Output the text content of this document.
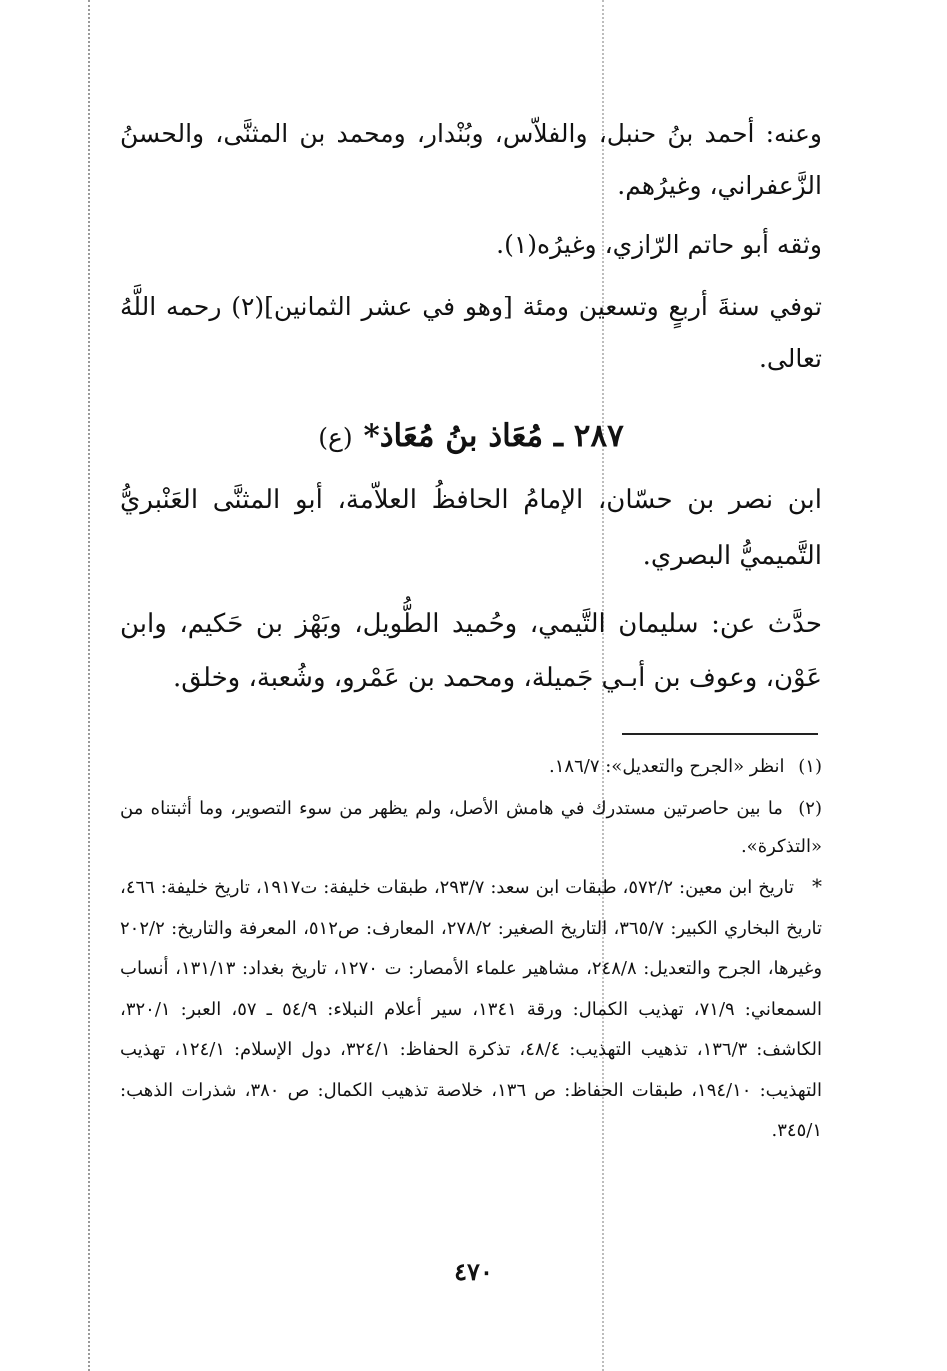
وعنه: أحمد بنُ حنبل، والفلاّس، وبُنْدار، ومحمد بن المثنَّى، والحسنُ الزَّعفراني، وغيرُهم.

وثقه أبو حاتم الرّازي، وغيرُه(١).

توفي سنةَ أربعٍ وتسعين ومئة [وهو في عشر الثمانين](٢) رحمه اللَّهُ تعالى.

٢٨٧ ـ مُعَاذ بنُ مُعَاذ* (ع)

ابن نصر بن حسّان، الإمامُ الحافظُ العلاّمة، أبو المثنَّى العَنْبريُّ التَّميميُّ البصري.

حدَّث عن: سليمان التَّيمي، وحُميد الطُّويل، وبَهْز بن حَكيم، وابن عَوْن، وعوف بن أبـي جَميلة، ومحمد بن عَمْرو، وشُعبة، وخلق.

(١) انظر «الجرح والتعديل»: ١٨٦/٧.

(٢) ما بين حاصرتين مستدرك في هامش الأصل، ولم يظهر من سوء التصوير، وما أثبتناه من «التذكرة».

* تاريخ ابن معين: ٥٧٢/٢، طبقات ابن سعد: ٢٩٣/٧، طبقات خليفة: ت١٩١٧، تاريخ خليفة: ٤٦٦، تاريخ البخاري الكبير: ٣٦٥/٧، التاريخ الصغير: ٢٧٨/٢، المعارف: ص٥١٢، المعرفة والتاريخ: ٢٠٢/٢ وغيرها، الجرح والتعديل: ٢٤٨/٨، مشاهير علماء الأمصار: ت ١٢٧٠، تاريخ بغداد: ١٣١/١٣، أنساب السمعاني: ٧١/٩، تهذيب الكمال: ورقة ١٣٤١، سير أعلام النبلاء: ٥٤/٩ ـ ٥٧، العبر: ٣٢٠/١، الكاشف: ١٣٦/٣، تذهيب التهذيب: ٤٨/٤، تذكرة الحفاظ: ٣٢٤/١، دول الإسلام: ١٢٤/١، تهذيب التهذيب: ١٩٤/١٠، طبقات الحفاظ: ص ١٣٦، خلاصة تذهيب الكمال: ص ٣٨٠، شذرات الذهب: ٣٤٥/١.

٤٧٠
